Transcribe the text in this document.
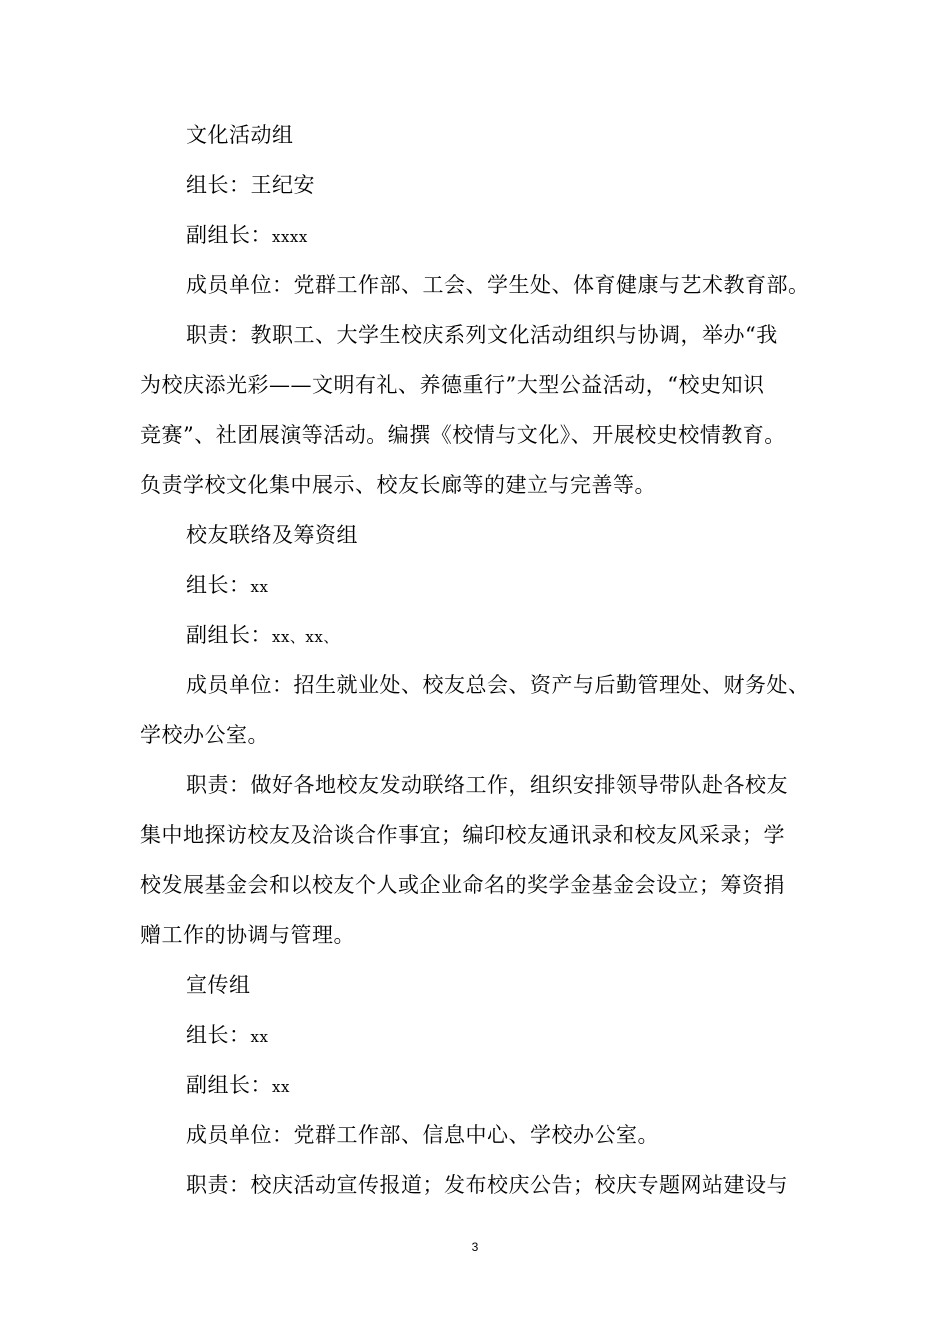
文化活动组
组长：王纪安
副组长：xxxx
成员单位：党群工作部、工会、学生处、体育健康与艺术教育部。
职责：教职工、大学生校庆系列文化活动组织与协调，举办“我
为校庆添光彩——文明有礼、养德重行”大型公益活动，“校史知识
竞赛”、社团展演等活动。编撰《校情与文化》、开展校史校情教育。
负责学校文化集中展示、校友长廊等的建立与完善等。
校友联络及筹资组
组长：xx
副组长：xx、xx、
成员单位：招生就业处、校友总会、资产与后勤管理处、财务处、
学校办公室。
职责：做好各地校友发动联络工作，组织安排领导带队赴各校友
集中地探访校友及洽谈合作事宜；编印校友通讯录和校友风采录；学
校发展基金会和以校友个人或企业命名的奖学金基金会设立；筹资捐
赠工作的协调与管理。
宣传组
组长：xx
副组长：xx
成员单位：党群工作部、信息中心、学校办公室。
职责：校庆活动宣传报道；发布校庆公告；校庆专题网站建设与
3
